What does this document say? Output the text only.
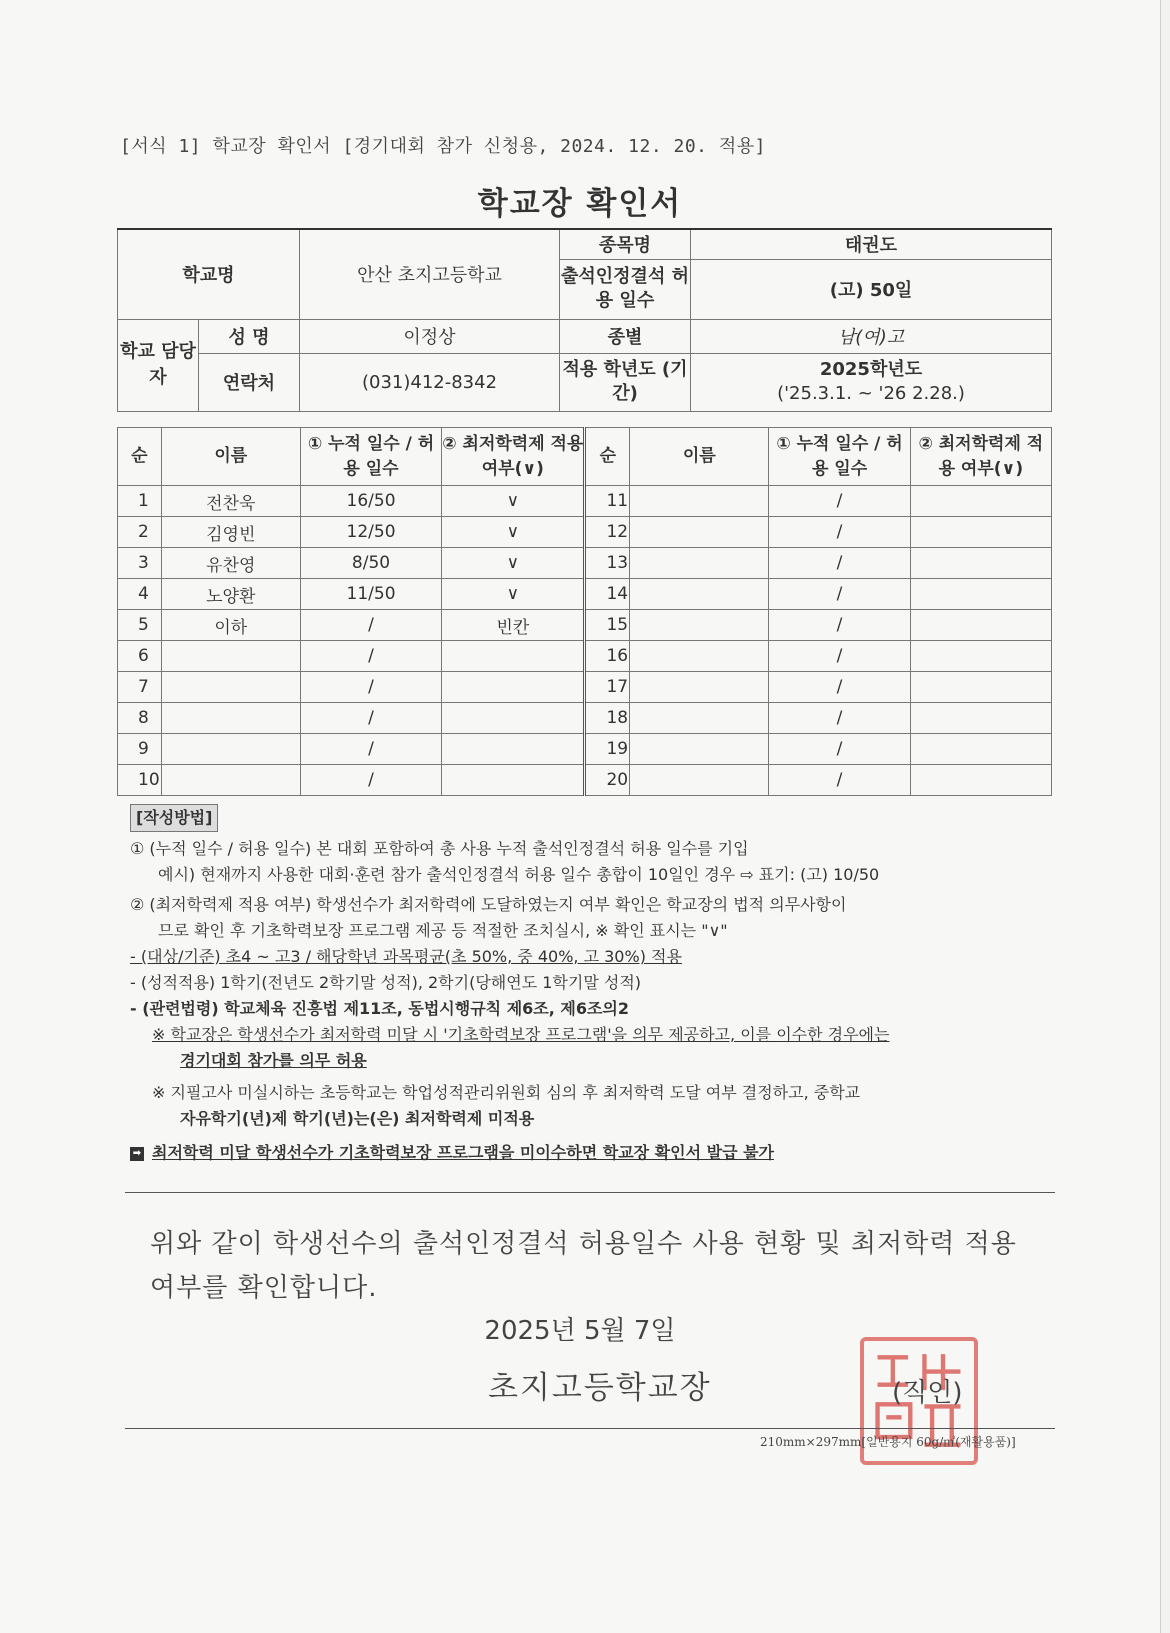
[서식 1] 학교장 확인서 [경기대회 참가 신청용, 2024. 12. 20. 적용]
학교장 확인서
학교명		안산 초지고등학교	종목명	태권도
			출석인정결석 허용 일수	(고) 50일
학교 담당자	성 명	이정상	종별	남(여)고
	연락처	(031)412-8342	적용 학년도 (기간)	2025학년도
('25.3.1. ~ '26 2.28.)
순	이름	① 누적 일수 / 허용 일수	② 최저학력제 적용 여부(∨)	순	이름	① 누적 일수 / 허용 일수	② 최저학력제 적용 여부(∨)
1	전찬욱	16/50	∨	11		/	
2	김영빈	12/50	∨	12		/	
3	유찬영	8/50	∨	13		/	
4	노양환	11/50	∨	14		/	
5	이하	/	빈칸	15		/	
6		/		16		/	
7		/		17		/	
8		/		18		/	
9		/		19		/	
10		/		20		/	

[작성방법]

① (누적 일수 / 허용 일수) 본 대회 포함하여 총 사용 누적 출석인정결석 허용 일수를 기입

예시) 현재까지 사용한 대회·훈련 참가 출석인정결석 허용 일수 총합이 10일인 경우 ⇨ 표기: (고) 10/50

② (최저학력제 적용 여부) 학생선수가 최저학력에 도달하였는지 여부 확인은 학교장의 법적 의무사항이

므로 확인 후 기초학력보장 프로그램 제공 등 적절한 조치실시, ※ 확인 표시는 "∨"

- (대상/기준) 초4 ~ 고3 / 해당학년 과목평균(초 50%, 중 40%, 고 30%) 적용

- (성적적용) 1학기(전년도 2학기말 성적), 2학기(당해연도 1학기말 성적)

- (관련법령) 학교체육 진흥법 제11조, 동법시행규칙 제6조, 제6조의2

※ 학교장은 학생선수가 최저학력 미달 시 '기초학력보장 프로그램'을 의무 제공하고, 이를 이수한 경우에는

경기대회 참가를 의무 허용

※ 지필고사 미실시하는 초등학교는 학업성적관리위원회 심의 후 최저학력 도달 여부 결정하고, 중학교

자유학기(년)제 학기(년)는(은) 최저학력제 미적용

➡ 최저학력 미달 학생선수가 기초학력보장 프로그램을 미이수하면 학교장 확인서 발급 불가

위와 같이 학생선수의 출석인정결석 허용일수 사용 현황 및 최저학력 적용 여부를 확인합니다.
2025년 5월 7일
초지고등학교장	(직인)
210mm×297mm[일반용지 60g/㎡(재활용품)]
